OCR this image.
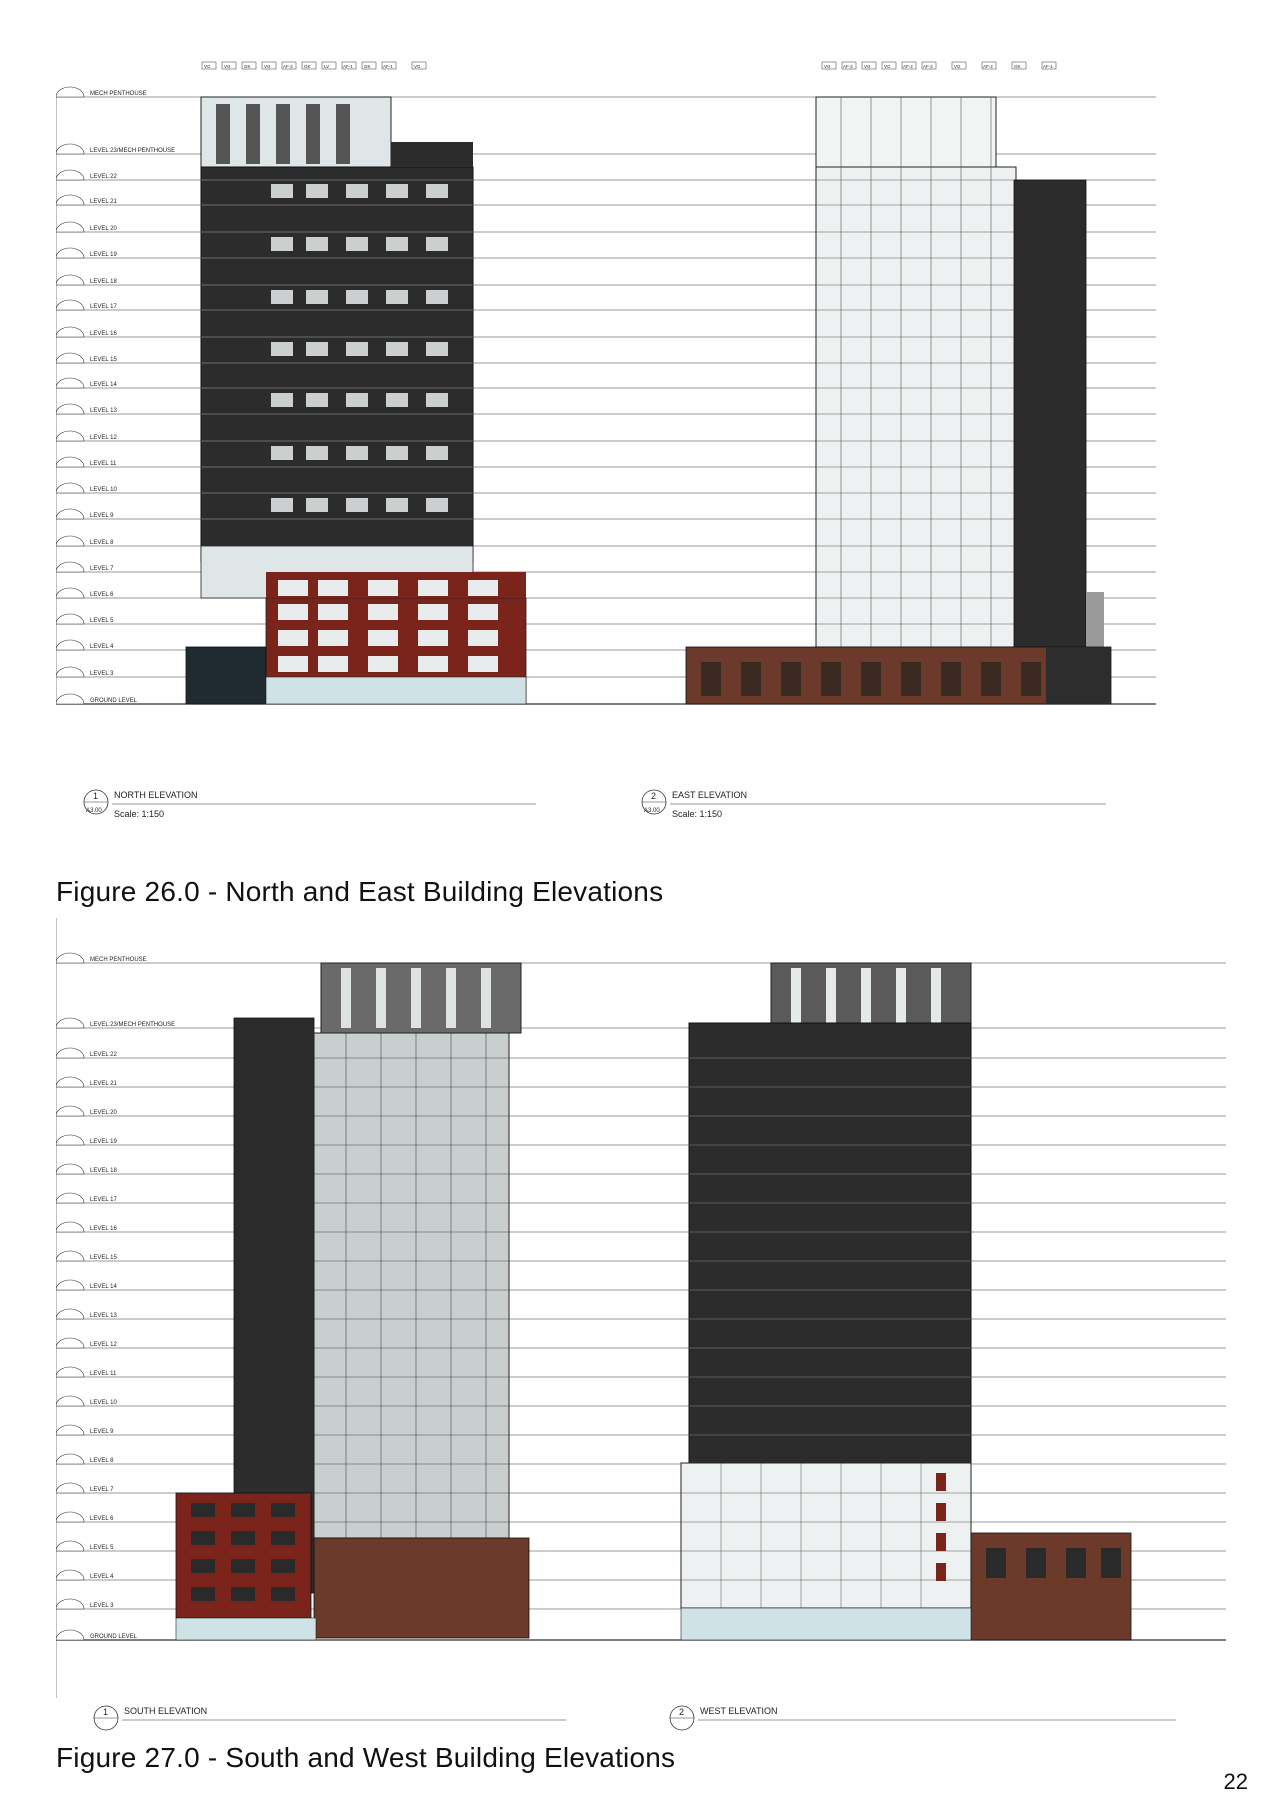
MECH PENTHOUSE
LEVEL 23/MECH PENTHOUSE
LEVEL 22
LEVEL 21
LEVEL 20
LEVEL 19
LEVEL 18
LEVEL 17
LEVEL 16
LEVEL 15
LEVEL 14
LEVEL 13
LEVEL 12
LEVEL 11
LEVEL 10
LEVEL 9
LEVEL 8
LEVEL 7
LEVEL 6
LEVEL 5
LEVEL 4
LEVEL 3
GROUND LEVEL
VG	VG	GK	VG	AF-2 GK	LV	AF-1 GK	AF-1	VG	VG	AF-2 VG	VG	AF-2 AF-2	VG	AF-2	GK	AF-1
1
A3.00
NORTH ELEVATION
Scale: 1:150
2
A3.00
EAST ELEVATION
Scale: 1:150
Figure 26.0 - North and East Building Elevations
MECH PENTHOUSE
LEVEL 23/MECH PENTHOUSE
LEVEL 22
LEVEL 21
LEVEL 20
LEVEL 19
LEVEL 18
LEVEL 17
LEVEL 16
LEVEL 15
LEVEL 14
LEVEL 13
LEVEL 12
LEVEL 11
LEVEL 10
LEVEL 9
LEVEL 8
LEVEL 7
LEVEL 6
LEVEL 5
LEVEL 4
LEVEL 3
GROUND LEVEL
1 SOUTH ELEVATION	2 WEST ELEVATION
Figure 27.0 - South and West Building Elevations
22
